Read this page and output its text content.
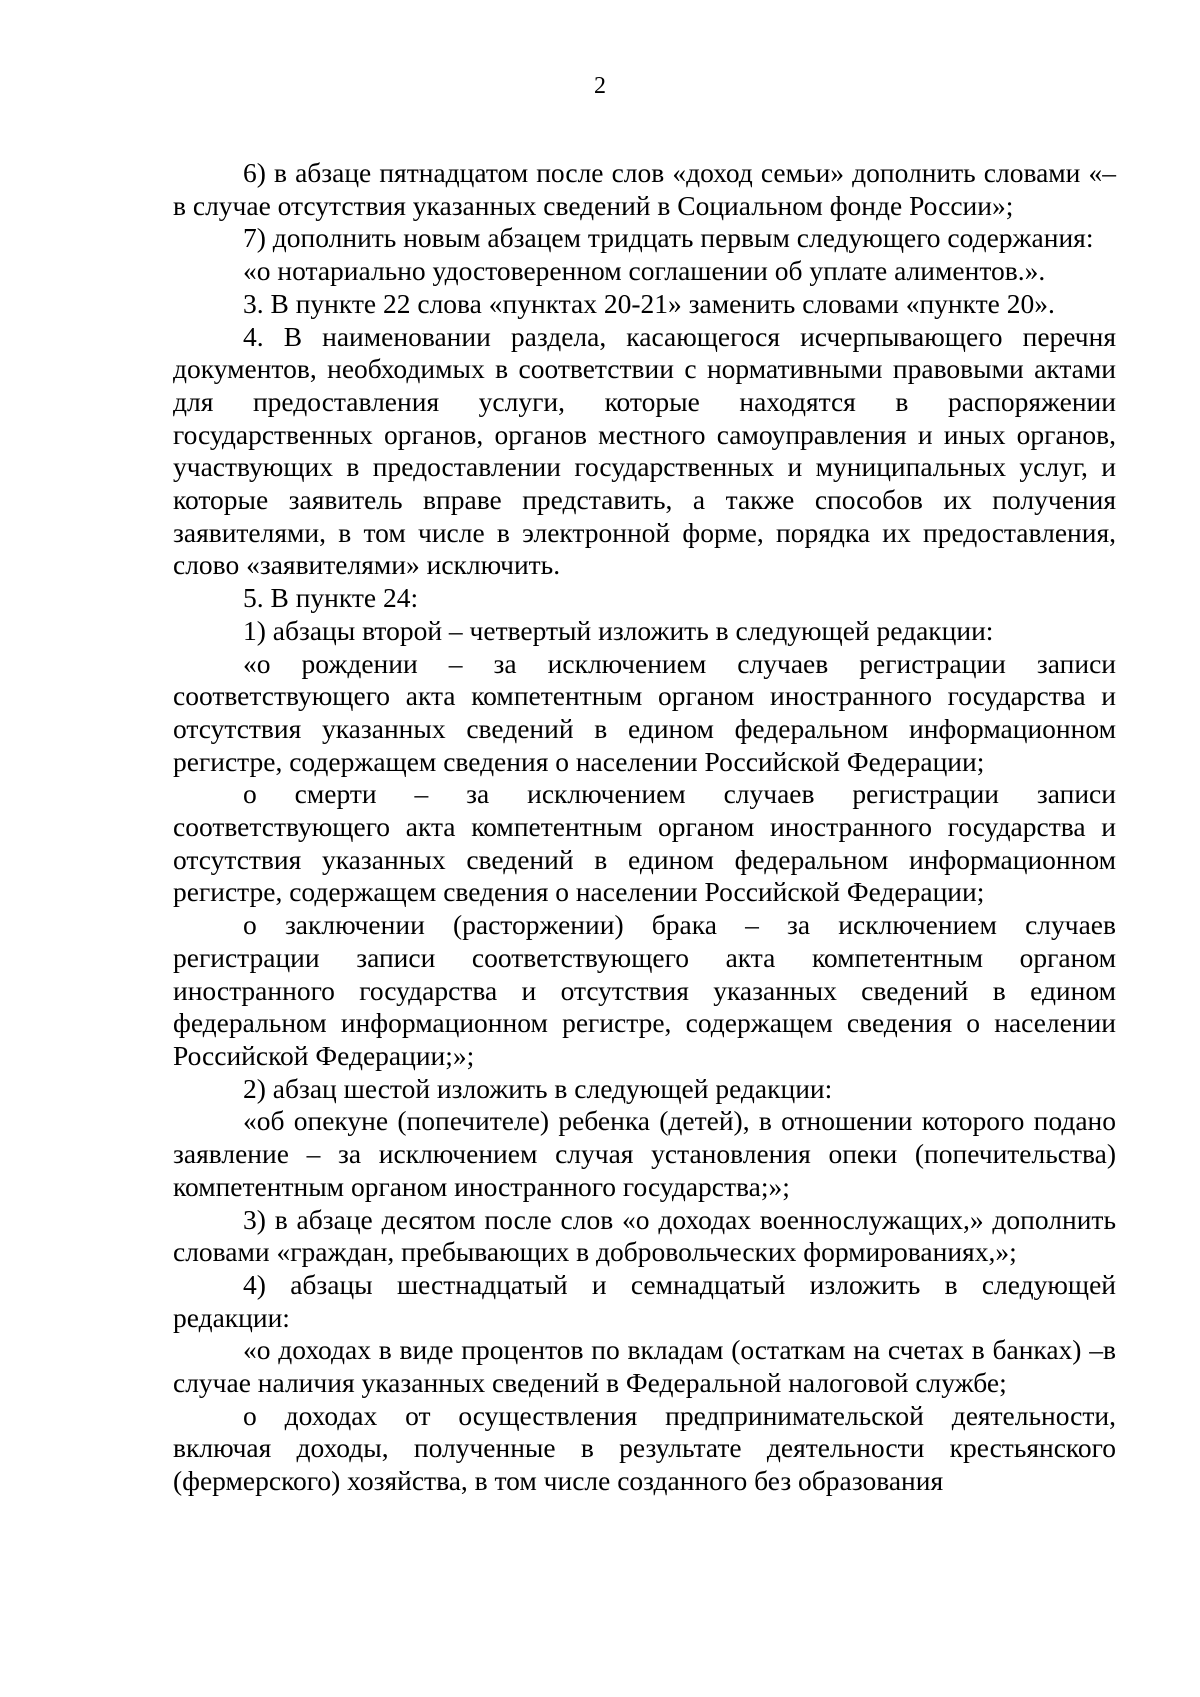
2

6) в абзаце пятнадцатом после слов «доход семьи» дополнить словами «– в случае отсутствия указанных сведений в Социальном фонде России»;

7) дополнить новым абзацем тридцать первым следующего содержания:

«о нотариально удостоверенном соглашении об уплате алиментов.».

3. В пункте 22 слова «пунктах 20-21» заменить словами «пункте 20».

4. В наименовании раздела, касающегося исчерпывающего перечня документов, необходимых в соответствии с нормативными правовыми актами для предоставления услуги, которые находятся в распоряжении государственных органов, органов местного самоуправления и иных органов, участвующих в предоставлении государственных и муниципальных услуг, и которые заявитель вправе представить, а также способов их получения заявителями, в том числе в электронной форме, порядка их предоставления, слово «заявителями» исключить.

5. В пункте 24:

1) абзацы второй – четвертый изложить в следующей редакции:

«о рождении – за исключением случаев регистрации записи соответствующего акта компетентным органом иностранного государства и отсутствия указанных сведений в едином федеральном информационном регистре, содержащем сведения о населении Российской Федерации;

о смерти – за исключением случаев регистрации записи соответствующего акта компетентным органом иностранного государства и отсутствия указанных сведений в едином федеральном информационном регистре, содержащем сведения о населении Российской Федерации;

о заключении (расторжении) брака – за исключением случаев регистрации записи соответствующего акта компетентным органом иностранного государства и отсутствия указанных сведений в едином федеральном информационном регистре, содержащем сведения о населении Российской Федерации;»;

2) абзац шестой изложить в следующей редакции:

«об опекуне (попечителе) ребенка (детей), в отношении которого подано заявление – за исключением случая установления опеки (попечительства) компетентным органом иностранного государства;»;

3) в абзаце десятом после слов «о доходах военнослужащих,» дополнить словами «граждан, пребывающих в добровольческих формированиях,»;

4) абзацы шестнадцатый и семнадцатый изложить в следующей редакции:

«о доходах в виде процентов по вкладам (остаткам на счетах в банках) –в случае наличия указанных сведений в Федеральной налоговой службе;

о доходах от осуществления предпринимательской деятельности, включая доходы, полученные в результате деятельности крестьянского (фермерского) хозяйства, в том числе созданного без образования
